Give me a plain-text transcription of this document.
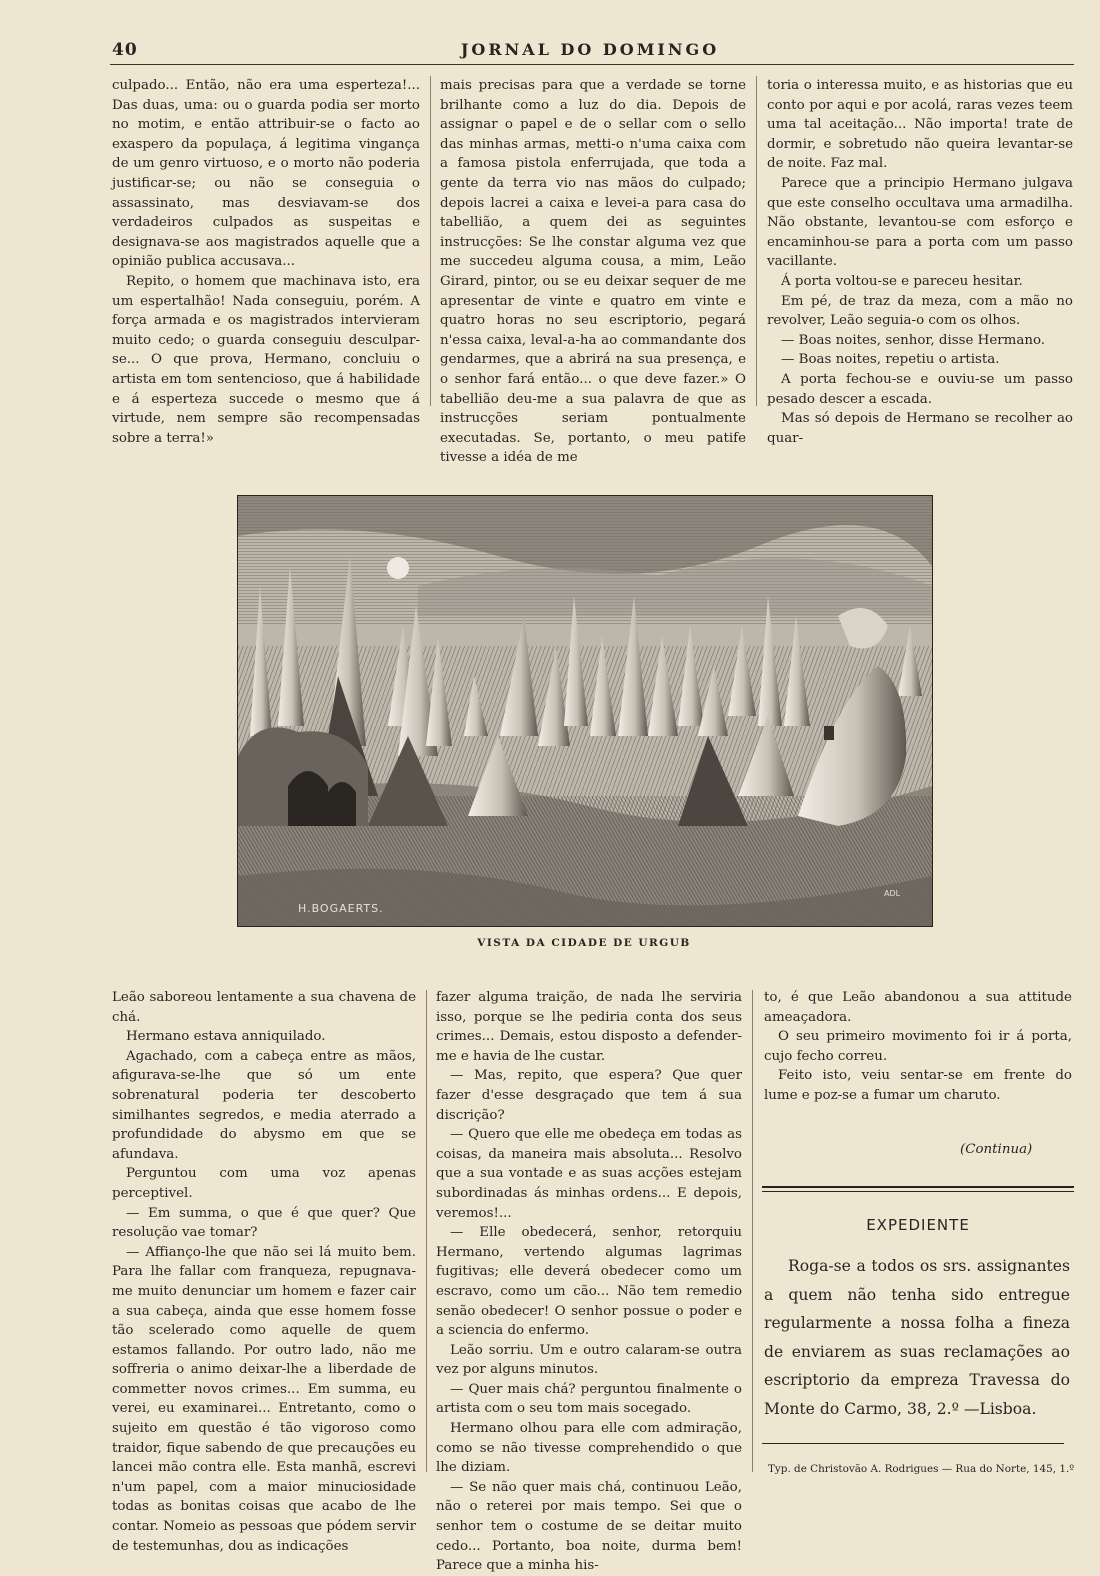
40	JORNAL DO DOMINGO

culpado... Então, não era uma esperteza!... Das duas, uma: ou o guarda podia ser morto no motim, e então attribuir-se o facto ao exaspero da populaça, á legitima vingança de um genro virtuoso, e o morto não poderia justificar-se; ou não se conseguia o assassinato, mas desviavam-se dos verdadeiros culpados as suspeitas e designava-se aos magistrados aquelle que a opinião publica accusava...

Repito, o homem que machinava isto, era um espertalhão! Nada conseguiu, porém. A força armada e os magistrados intervieram muito cedo; o guarda conseguiu desculpar-se... O que prova, Hermano, concluiu o artista em tom sentencioso, que á habilidade e á esperteza succede o mesmo que á virtude, nem sempre são recompensadas sobre a terra!»

mais precisas para que a verdade se torne brilhante como a luz do dia. Depois de assignar o papel e de o sellar com o sello das minhas armas, metti-o n'uma caixa com a famosa pistola enferrujada, que toda a gente da terra vio nas mãos do culpado; depois lacrei a caixa e levei-a para casa do tabellião, a quem dei as seguintes instrucções: Se lhe constar alguma vez que me succedeu alguma cousa, a mim, Leão Girard, pintor, ou se eu deixar sequer de me apresentar de vinte e quatro em vinte e quatro horas no seu escriptorio, pegará n'essa caixa, leval-a-ha ao commandante dos gendarmes, que a abrirá na sua presença, e o senhor fará então... o que deve fazer.» O tabellião deu-me a sua palavra de que as instrucções seriam pontualmente executadas. Se, portanto, o meu patife tivesse a idéa de me

toria o interessa muito, e as historias que eu conto por aqui e por acolá, raras vezes teem uma tal aceitação... Não importa! trate de dormir, e sobretudo não queira levantar-se de noite. Faz mal.

Parece que a principio Hermano julgava que este conselho occultava uma armadilha. Não obstante, levantou-se com esforço e encaminhou-se para a porta com um passo vacillante.

Á porta voltou-se e pareceu hesitar.

Em pé, de traz da meza, com a mão no revolver, Leão seguia-o com os olhos.

— Boas noites, senhor, disse Hermano.

— Boas noites, repetiu o artista.

A porta fechou-se e ouviu-se um passo pesado descer a escada.

Mas só depois de Hermano se recolher ao quar-

H.BOGAERTS.
ADL
VISTA DA CIDADE DE URGUB

Leão saboreou lentamente a sua chavena de chá.

Hermano estava anniquilado.

Agachado, com a cabeça entre as mãos, afigurava-se-lhe que só um ente sobrenatural poderia ter descoberto similhantes segredos, e media aterrado a profundidade do abysmo em que se afundava.

Perguntou com uma voz apenas perceptivel.

— Em summa, o que é que quer? Que resolução vae tomar?

— Affianço-lhe que não sei lá muito bem. Para lhe fallar com franqueza, repugnava-me muito denunciar um homem e fazer cair a sua cabeça, ainda que esse homem fosse tão scelerado como aquelle de quem estamos fallando. Por outro lado, não me soffreria o animo deixar-lhe a liberdade de commetter novos crimes... Em summa, eu verei, eu examinarei... Entretanto, como o sujeito em questão é tão vigoroso como traidor, fique sabendo de que precauções eu lancei mão contra elle. Esta manhã, escrevi n'um papel, com a maior minuciosidade todas as bonitas coisas que acabo de lhe contar. Nomeio as pessoas que pódem servir de testemunhas, dou as indicações

fazer alguma traição, de nada lhe serviria isso, porque se lhe pediria conta dos seus crimes... Demais, estou disposto a defender-me e havia de lhe custar.

— Mas, repito, que espera? Que quer fazer d'esse desgraçado que tem á sua discrição?

— Quero que elle me obedeça em todas as coisas, da maneira mais absoluta... Resolvo que a sua vontade e as suas acções estejam subordinadas ás minhas ordens... E depois, veremos!...

— Elle obedecerá, senhor, retorquiu Hermano, vertendo algumas lagrimas fugitivas; elle deverá obedecer como um escravo, como um cão... Não tem remedio senão obedecer! O senhor possue o poder e a sciencia do enfermo.

Leão sorriu. Um e outro calaram-se outra vez por alguns minutos.

— Quer mais chá? perguntou finalmente o artista com o seu tom mais socegado.

Hermano olhou para elle com admiração, como se não tivesse comprehendido o que lhe diziam.

— Se não quer mais chá, continuou Leão, não o reterei por mais tempo. Sei que o senhor tem o costume de se deitar muito cedo... Portanto, boa noite, durma bem! Parece que a minha his-

to, é que Leão abandonou a sua attitude ameaçadora.

O seu primeiro movimento foi ir á porta, cujo fecho correu.

Feito isto, veiu sentar-se em frente do lume e poz-se a fumar um charuto.

(Continua)
EXPEDIENTE

Roga-se a todos os srs. assignantes a quem não tenha sido entregue regularmente a nossa folha a fineza de enviarem as suas reclamações ao escriptorio da empreza Travessa do Monte do Carmo, 38, 2.º —Lisboa.

Typ. de Christovão A. Rodrigues — Rua do Norte, 145, 1.º
